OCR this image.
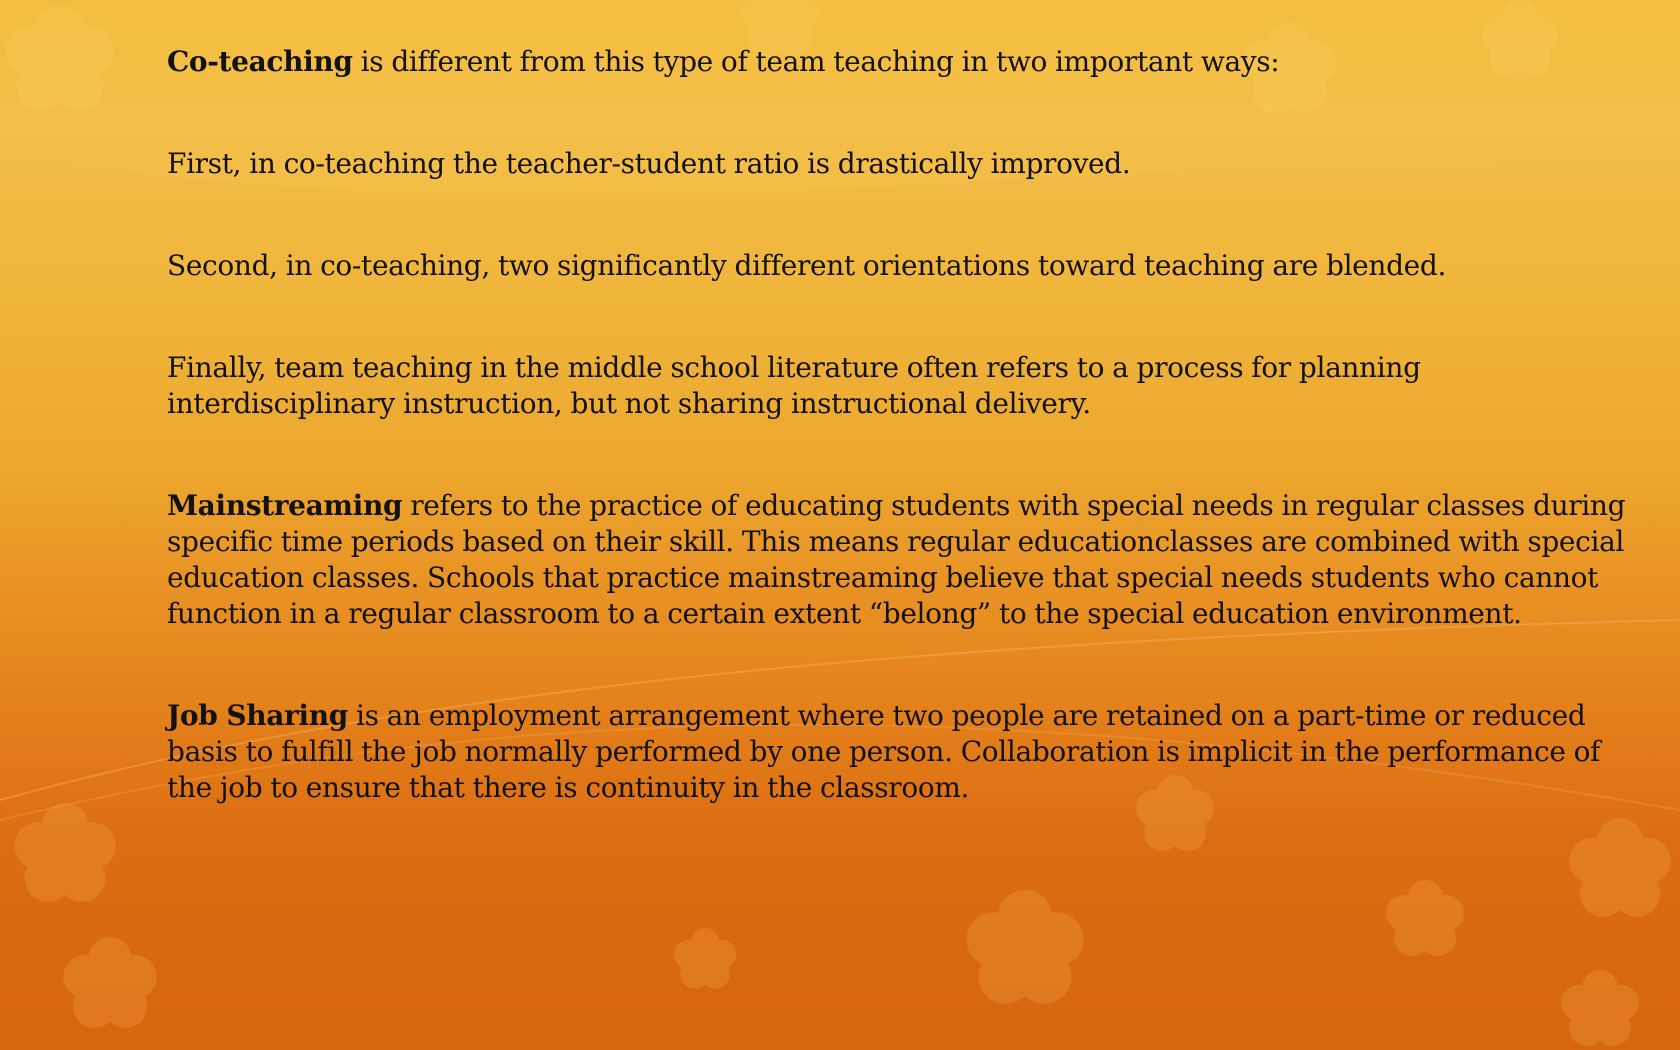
Co-teaching is different from this type of team teaching in two important ways:

First, in co-teaching the teacher-student ratio is drastically improved.

Second, in co-teaching, two significantly different orientations toward teaching are blended.

Finally, team teaching in the middle school literature often refers to a process for planning interdisciplinary instruction, but not sharing instructional delivery.

Mainstreaming refers to the practice of educating students with special needs in regular classes during specific time periods based on their skill. This means regular educationclasses are combined with special education classes. Schools that practice mainstreaming believe that special needs students who cannot function in a regular classroom to a certain extent “belong” to the special education environment.

Job Sharing is an employment arrangement where two people are retained on a part-time or reduced basis to fulfill the job normally performed by one person. Collaboration is implicit in the performance of the job to ensure that there is continuity in the classroom.
